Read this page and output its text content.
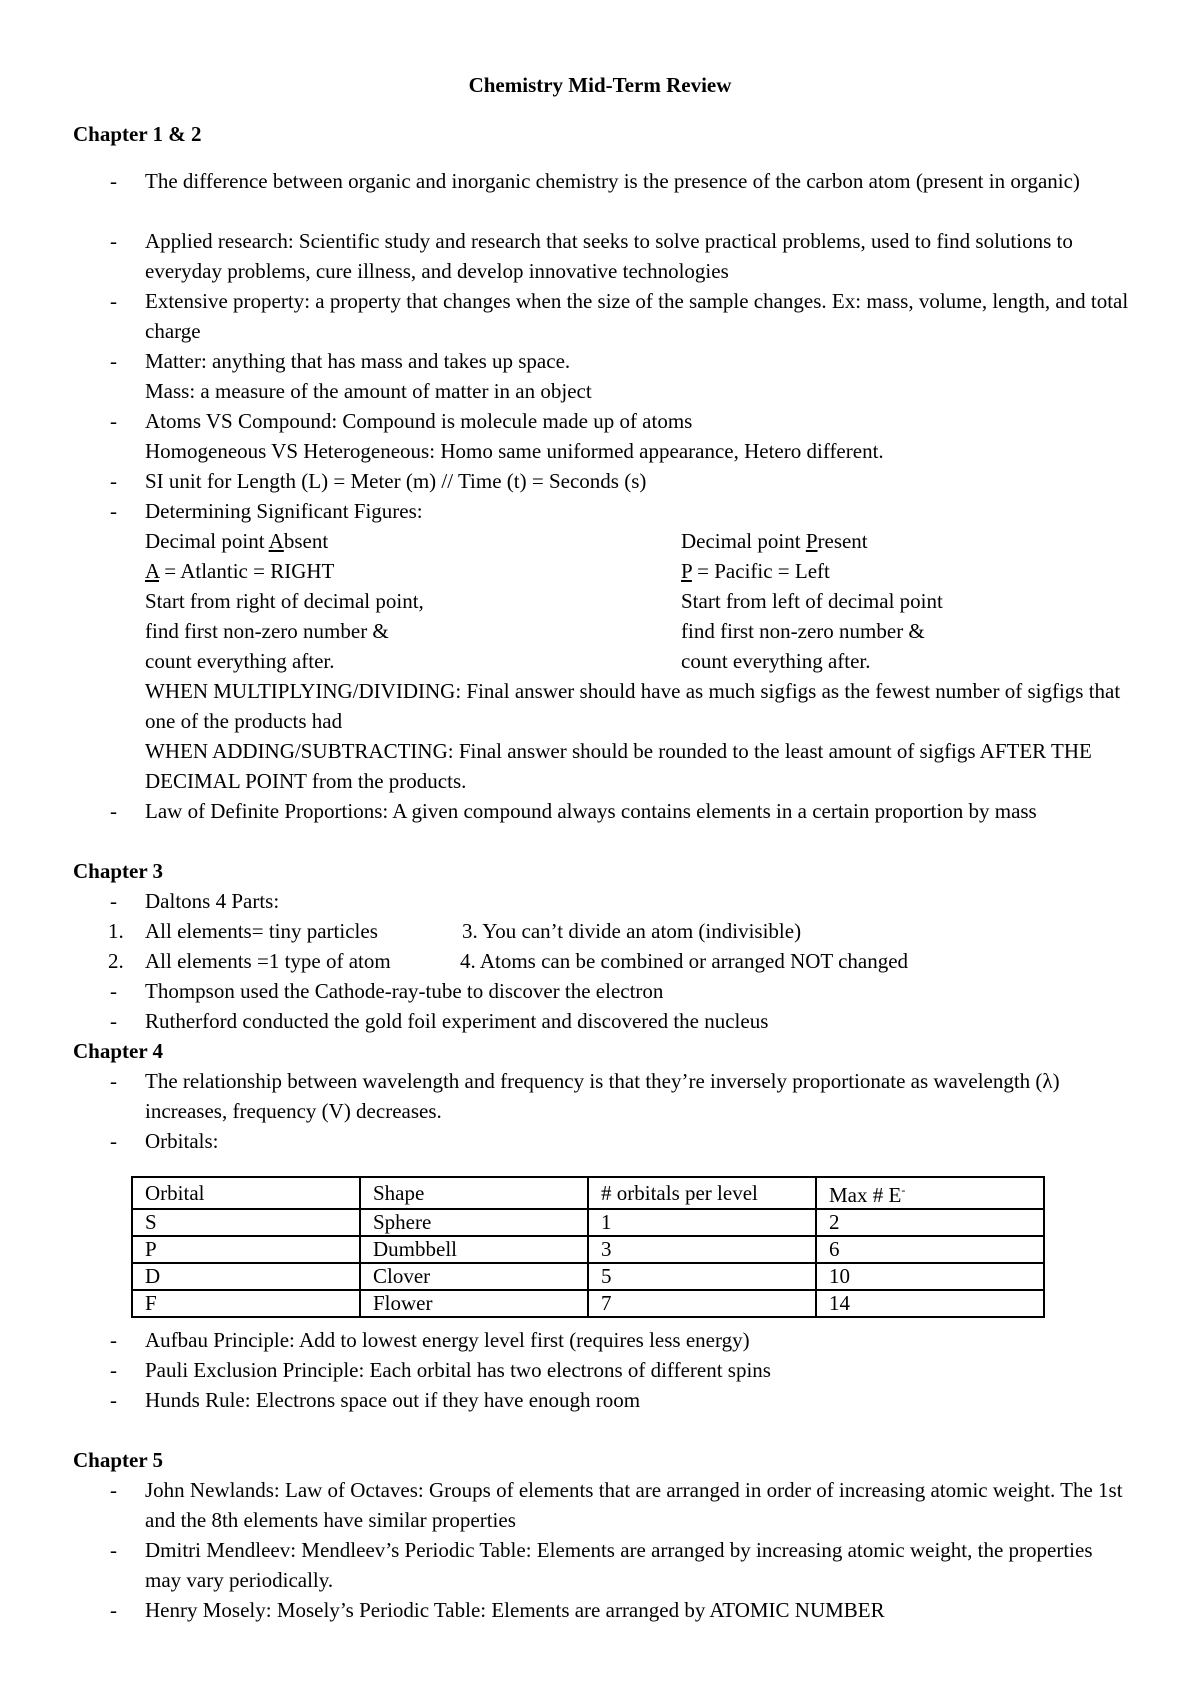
Chemistry Mid-Term Review
Chapter 1 & 2
- The difference between organic and inorganic chemistry is the presence of the carbon atom (present in organic)
- Applied research: Scientific study and research that seeks to solve practical problems, used to find solutions to everyday problems, cure illness, and develop innovative technologies
- Extensive property: a property that changes when the size of the sample changes. Ex: mass, volume, length, and total charge
- Matter: anything that has mass and takes up space.
Mass: a measure of the amount of matter in an object
- Atoms VS Compound: Compound is molecule made up of atoms
Homogeneous VS Heterogeneous: Homo same uniformed appearance, Hetero different.
- SI unit for Length (L) = Meter (m) // Time (t) = Seconds (s)
- Determining Significant Figures:
Decimal point Absent	Decimal point Present
A = Atlantic = RIGHT	P = Pacific = Left
Start from right of decimal point,	Start from left of decimal point
find first non-zero number &	find first non-zero number &
count everything after.	count everything after.
WHEN MULTIPLYING/DIVIDING: Final answer should have as much sigfigs as the fewest number of sigfigs that one of the products had
WHEN ADDING/SUBTRACTING: Final answer should be rounded to the least amount of sigfigs AFTER THE DECIMAL POINT from the products.
- Law of Definite Proportions: A given compound always contains elements in a certain proportion by mass
Chapter 3
- Daltons 4 Parts:
1. All elements= tiny particles	3. You can’t divide an atom (indivisible)
2. All elements =1 type of atom	4. Atoms can be combined or arranged NOT changed
- Thompson used the Cathode-ray-tube to discover the electron
- Rutherford conducted the gold foil experiment and discovered the nucleus
Chapter 4
- The relationship between wavelength and frequency is that they’re inversely proportionate as wavelength (λ) increases, frequency (V) decreases.
- Orbitals:
Orbital	Shape	# orbitals per level	Max # E-
S	Sphere	1	2
P	Dumbbell	3	6
D	Clover	5	10
F	Flower	7	14
- Aufbau Principle: Add to lowest energy level first (requires less energy)
- Pauli Exclusion Principle: Each orbital has two electrons of different spins
- Hunds Rule: Electrons space out if they have enough room
Chapter 5
- John Newlands: Law of Octaves: Groups of elements that are arranged in order of increasing atomic weight. The 1st and the 8th elements have similar properties
- Dmitri Mendleev: Mendleev’s Periodic Table: Elements are arranged by increasing atomic weight, the properties may vary periodically.
- Henry Mosely: Mosely’s Periodic Table: Elements are arranged by ATOMIC NUMBER
